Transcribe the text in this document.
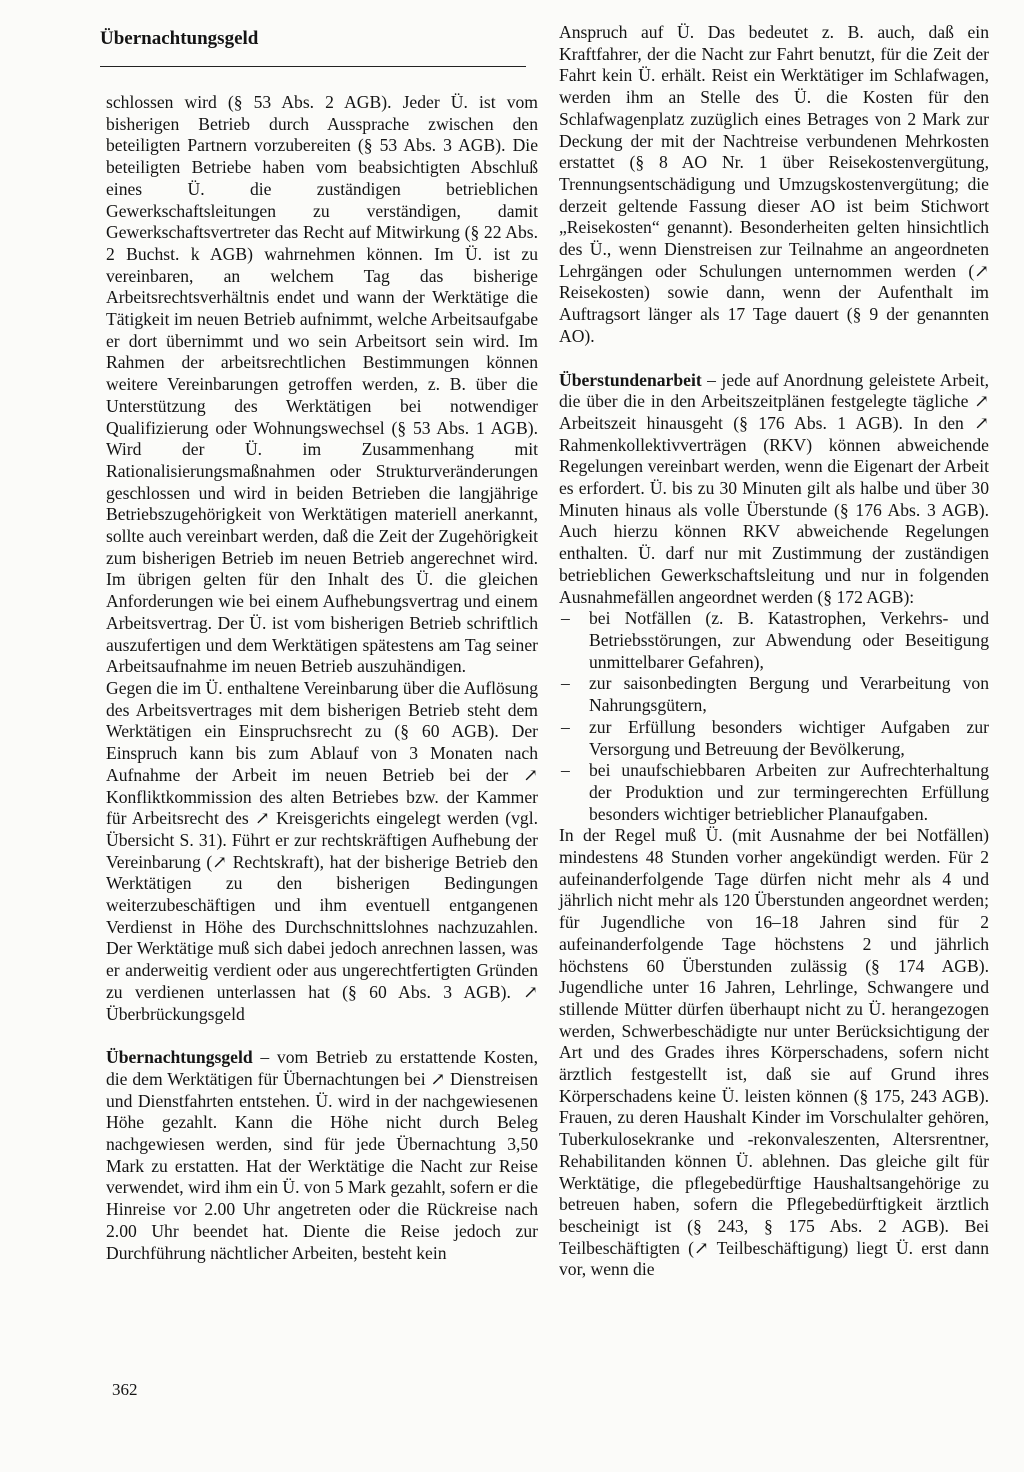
Übernachtungsgeld

schlossen wird (§ 53 Abs. 2 AGB). Jeder Ü. ist vom bisherigen Betrieb durch Aussprache zwischen den beteiligten Partnern vorzubereiten (§ 53 Abs. 3 AGB). Die beteiligten Betriebe haben vom beabsichtigten Abschluß eines Ü. die zuständigen betrieblichen Gewerkschaftsleitungen zu verständigen, damit Gewerkschaftsvertreter das Recht auf Mitwirkung (§ 22 Abs. 2 Buchst. k AGB) wahrnehmen können. Im Ü. ist zu vereinbaren, an welchem Tag das bisherige Arbeitsrechtsverhältnis endet und wann der Werktätige die Tätigkeit im neuen Betrieb aufnimmt, welche Arbeitsaufgabe er dort übernimmt und wo sein Arbeitsort sein wird. Im Rahmen der arbeitsrechtlichen Bestimmungen können weitere Vereinbarungen getroffen werden, z. B. über die Unterstützung des Werktätigen bei notwendiger Qualifizierung oder Wohnungswechsel (§ 53 Abs. 1 AGB). Wird der Ü. im Zusammenhang mit Rationalisierungsmaßnahmen oder Strukturveränderungen geschlossen und wird in beiden Betrieben die langjährige Betriebszugehörigkeit von Werktätigen materiell anerkannt, sollte auch vereinbart werden, daß die Zeit der Zugehörigkeit zum bisherigen Betrieb im neuen Betrieb angerechnet wird. Im übrigen gelten für den Inhalt des Ü. die gleichen Anforderungen wie bei einem Aufhebungsvertrag und einem Arbeitsvertrag. Der Ü. ist vom bisherigen Betrieb schriftlich auszufertigen und dem Werktätigen spätestens am Tag seiner Arbeitsaufnahme im neuen Betrieb auszuhändigen.

Gegen die im Ü. enthaltene Vereinbarung über die Auflösung des Arbeitsvertrages mit dem bisherigen Betrieb steht dem Werktätigen ein Einspruchsrecht zu (§ 60 AGB). Der Einspruch kann bis zum Ablauf von 3 Monaten nach Aufnahme der Arbeit im neuen Betrieb bei der ↗ Konfliktkommission des alten Betriebes bzw. der Kammer für Arbeitsrecht des ↗ Kreisgerichts eingelegt werden (vgl. Übersicht S. 31). Führt er zur rechtskräftigen Aufhebung der Vereinbarung (↗ Rechtskraft), hat der bisherige Betrieb den Werktätigen zu den bisherigen Bedingungen weiterzubeschäftigen und ihm eventuell entgangenen Verdienst in Höhe des Durchschnittslohnes nachzuzahlen. Der Werktätige muß sich dabei jedoch anrechnen lassen, was er anderweitig verdient oder aus ungerechtfertigten Gründen zu verdienen unterlassen hat (§ 60 Abs. 3 AGB). ↗ Überbrückungsgeld

Übernachtungsgeld – vom Betrieb zu erstattende Kosten, die dem Werktätigen für Übernachtungen bei ↗ Dienstreisen und Dienstfahrten entstehen. Ü. wird in der nachgewiesenen Höhe gezahlt. Kann die Höhe nicht durch Beleg nachgewiesen werden, sind für jede Übernachtung 3,50 Mark zu erstatten. Hat der Werktätige die Nacht zur Reise verwendet, wird ihm ein Ü. von 5 Mark gezahlt, sofern er die Hinreise vor 2.00 Uhr angetreten oder die Rückreise nach 2.00 Uhr beendet hat. Diente die Reise jedoch zur Durchführung nächtlicher Arbeiten, besteht kein

Anspruch auf Ü. Das bedeutet z. B. auch, daß ein Kraftfahrer, der die Nacht zur Fahrt benutzt, für die Zeit der Fahrt kein Ü. erhält. Reist ein Werktätiger im Schlafwagen, werden ihm an Stelle des Ü. die Kosten für den Schlafwagenplatz zuzüglich eines Betrages von 2 Mark zur Deckung der mit der Nachtreise verbundenen Mehrkosten erstattet (§ 8 AO Nr. 1 über Reisekostenvergütung, Trennungsentschädigung und Umzugskostenvergütung; die derzeit geltende Fassung dieser AO ist beim Stichwort „Reisekosten“ genannt). Besonderheiten gelten hinsichtlich des Ü., wenn Dienstreisen zur Teilnahme an angeordneten Lehrgängen oder Schulungen unternommen werden (↗ Reisekosten) sowie dann, wenn der Aufenthalt im Auftragsort länger als 17 Tage dauert (§ 9 der genannten AO).

Überstundenarbeit – jede auf Anordnung geleistete Arbeit, die über die in den Arbeitszeitplänen festgelegte tägliche ↗ Arbeitszeit hinausgeht (§ 176 Abs. 1 AGB). In den ↗ Rahmenkollektivverträgen (RKV) können abweichende Regelungen vereinbart werden, wenn die Eigenart der Arbeit es erfordert. Ü. bis zu 30 Minuten gilt als halbe und über 30 Minuten hinaus als volle Überstunde (§ 176 Abs. 3 AGB). Auch hierzu können RKV abweichende Regelungen enthalten. Ü. darf nur mit Zustimmung der zuständigen betrieblichen Gewerkschaftsleitung und nur in folgenden Ausnahmefällen angeordnet werden (§ 172 AGB):

– bei Notfällen (z. B. Katastrophen, Verkehrs- und Betriebsstörungen, zur Abwendung oder Beseitigung unmittelbarer Gefahren),
– zur saisonbedingten Bergung und Verarbeitung von Nahrungsgütern,
– zur Erfüllung besonders wichtiger Aufgaben zur Versorgung und Betreuung der Bevölkerung,
– bei unaufschiebbaren Arbeiten zur Aufrechterhaltung der Produktion und zur termingerechten Erfüllung besonders wichtiger betrieblicher Planaufgaben.

In der Regel muß Ü. (mit Ausnahme der bei Notfällen) mindestens 48 Stunden vorher angekündigt werden. Für 2 aufeinanderfolgende Tage dürfen nicht mehr als 4 und jährlich nicht mehr als 120 Überstunden angeordnet werden; für Jugendliche von 16–18 Jahren sind für 2 aufeinanderfolgende Tage höchstens 2 und jährlich höchstens 60 Überstunden zulässig (§ 174 AGB). Jugendliche unter 16 Jahren, Lehrlinge, Schwangere und stillende Mütter dürfen überhaupt nicht zu Ü. herangezogen werden, Schwerbeschädigte nur unter Berücksichtigung der Art und des Grades ihres Körperschadens, sofern nicht ärztlich festgestellt ist, daß sie auf Grund ihres Körperschadens keine Ü. leisten können (§ 175, 243 AGB). Frauen, zu deren Haushalt Kinder im Vorschulalter gehören, Tuberkulosekranke und -rekonvaleszenten, Altersrentner, Rehabilitanden können Ü. ablehnen. Das gleiche gilt für Werktätige, die pflegebedürftige Haushaltsangehörige zu betreuen haben, sofern die Pflegebedürftigkeit ärztlich bescheinigt ist (§ 243, § 175 Abs. 2 AGB). Bei Teilbeschäftigten (↗ Teilbeschäftigung) liegt Ü. erst dann vor, wenn die

362
